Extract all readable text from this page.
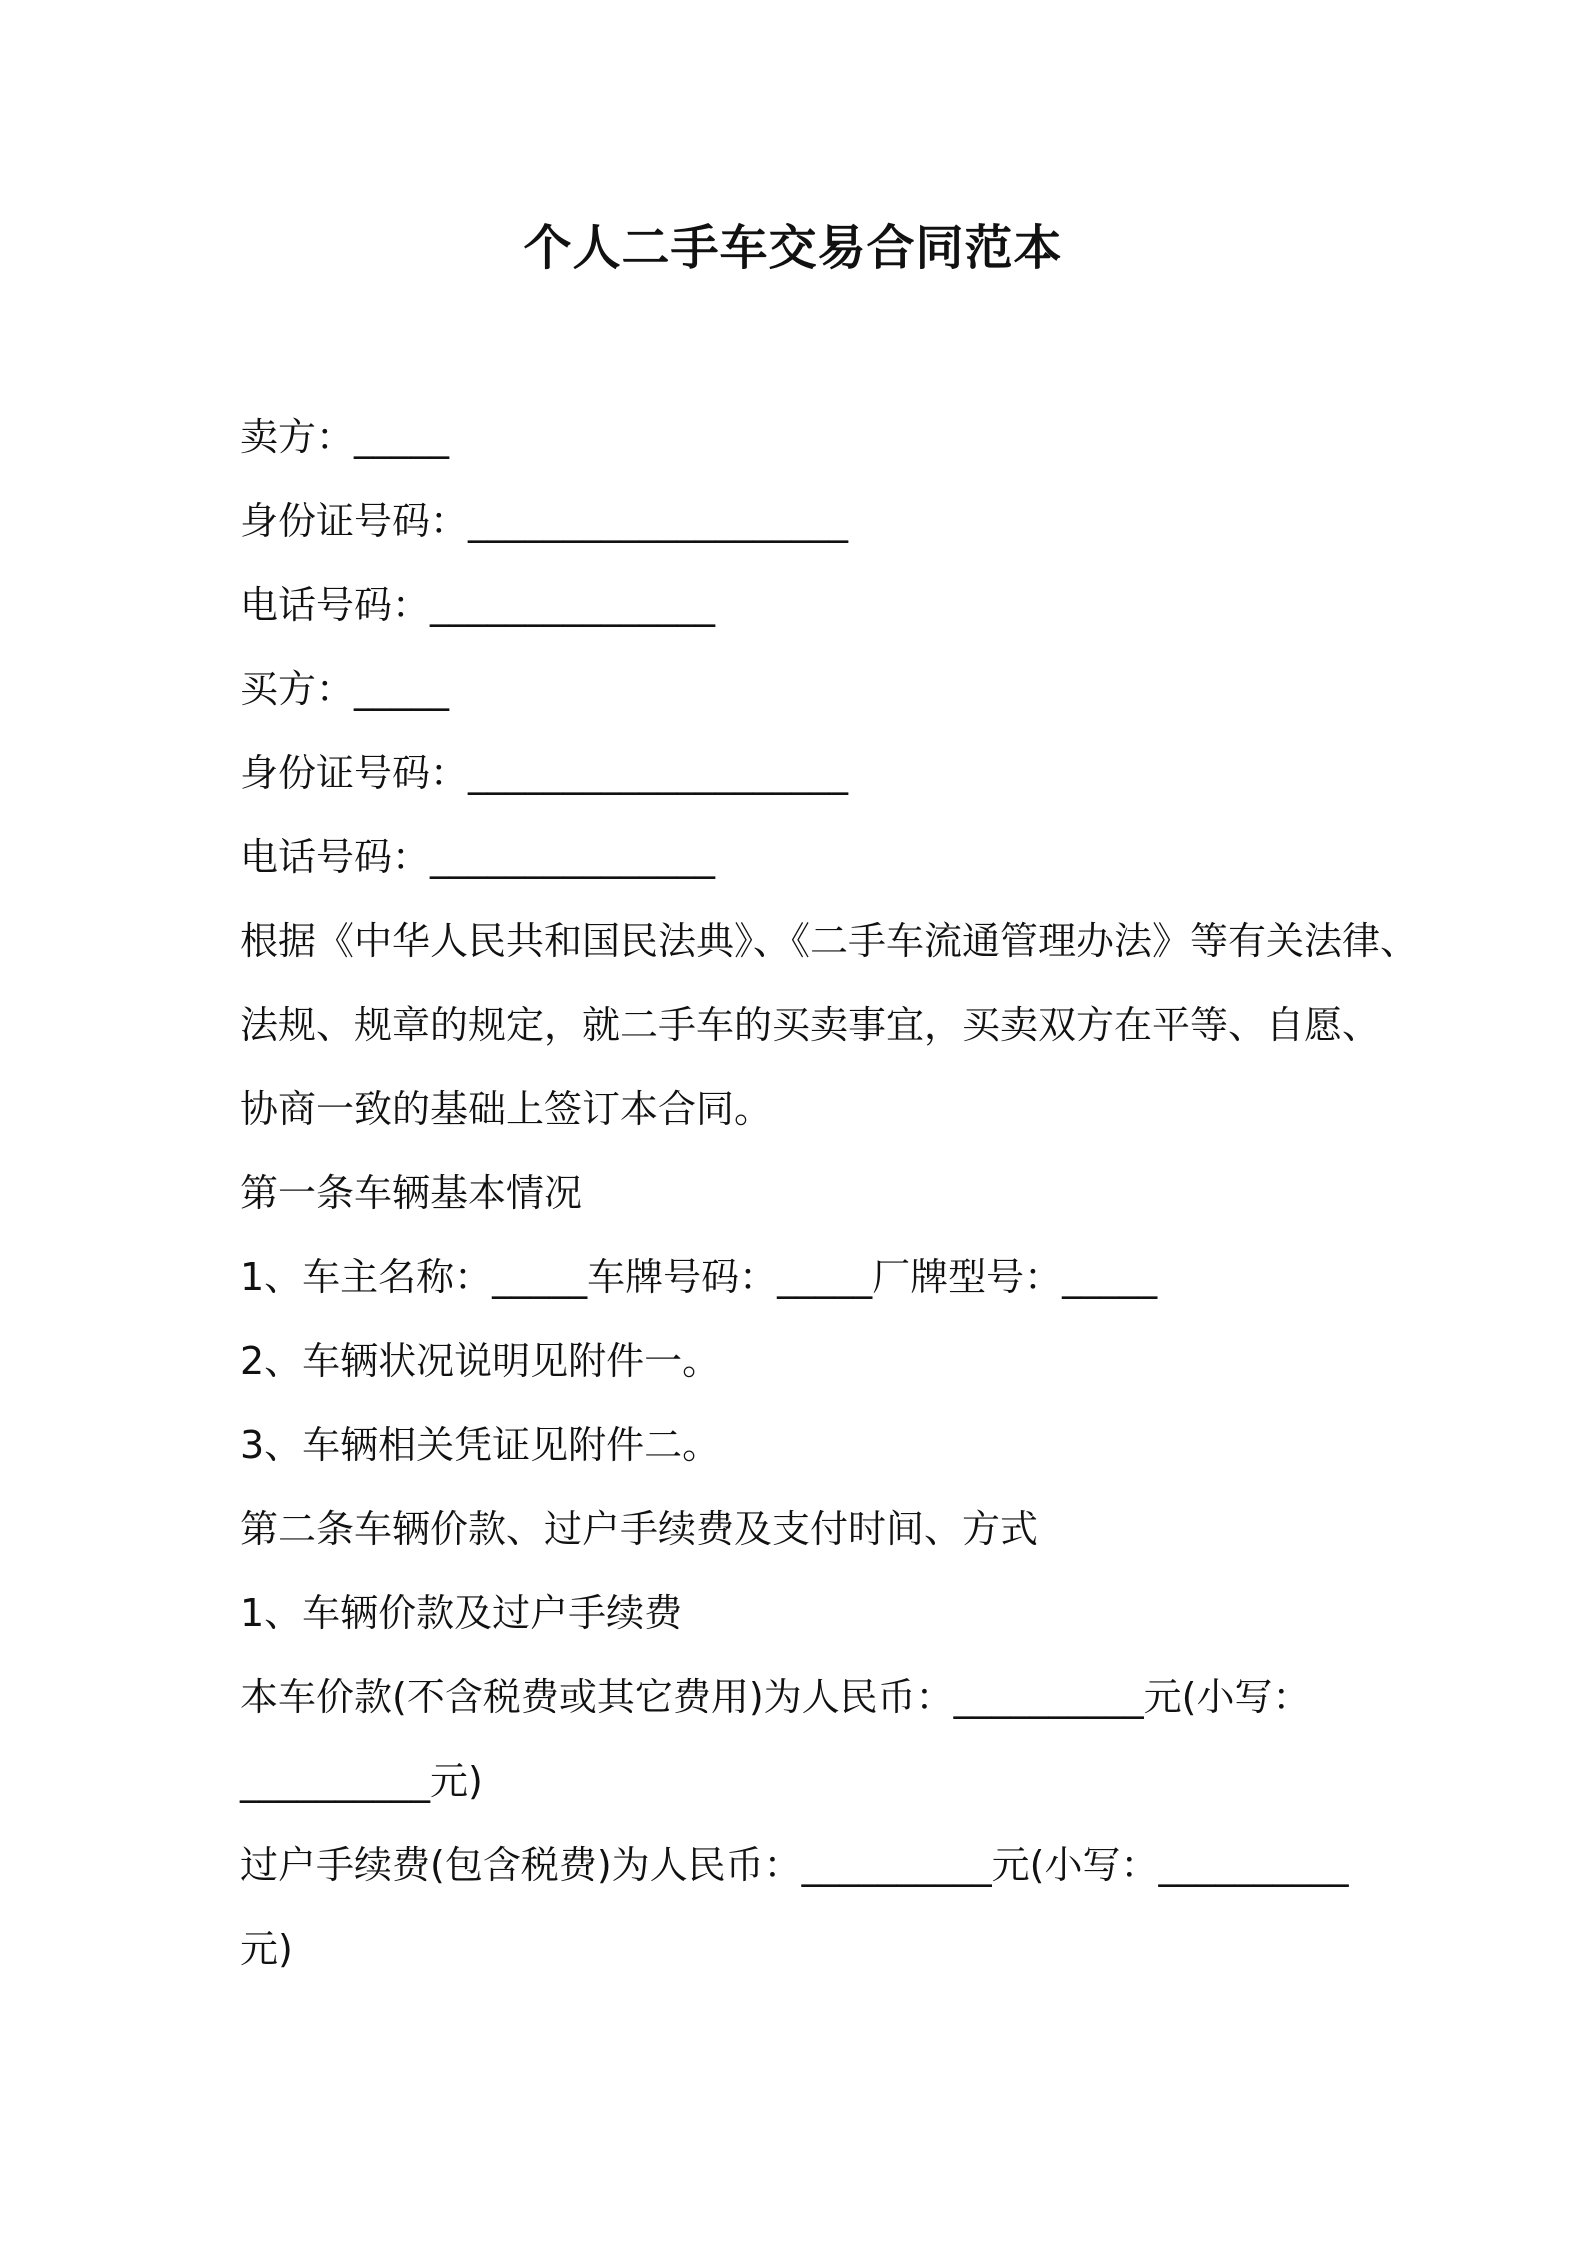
个人二手车交易合同范本
卖方：_____
身份证号码：____________________
电话号码：_______________
买方：_____
身份证号码：____________________
电话号码：_______________
根据《中华人民共和国民法典》、《二手车流通管理办法》等有关法律、
法规、规章的规定，就二手车的买卖事宜，买卖双方在平等、自愿、
协商一致的基础上签订本合同。
第一条车辆基本情况
1、车主名称：_____车牌号码：_____厂牌型号：_____
2、车辆状况说明见附件一。
3、车辆相关凭证见附件二。
第二条车辆价款、过户手续费及支付时间、方式
1、车辆价款及过户手续费
本车价款(不含税费或其它费用)为人民币：__________元(小写：
__________元)
过户手续费(包含税费)为人民币：__________元(小写：__________
元)
